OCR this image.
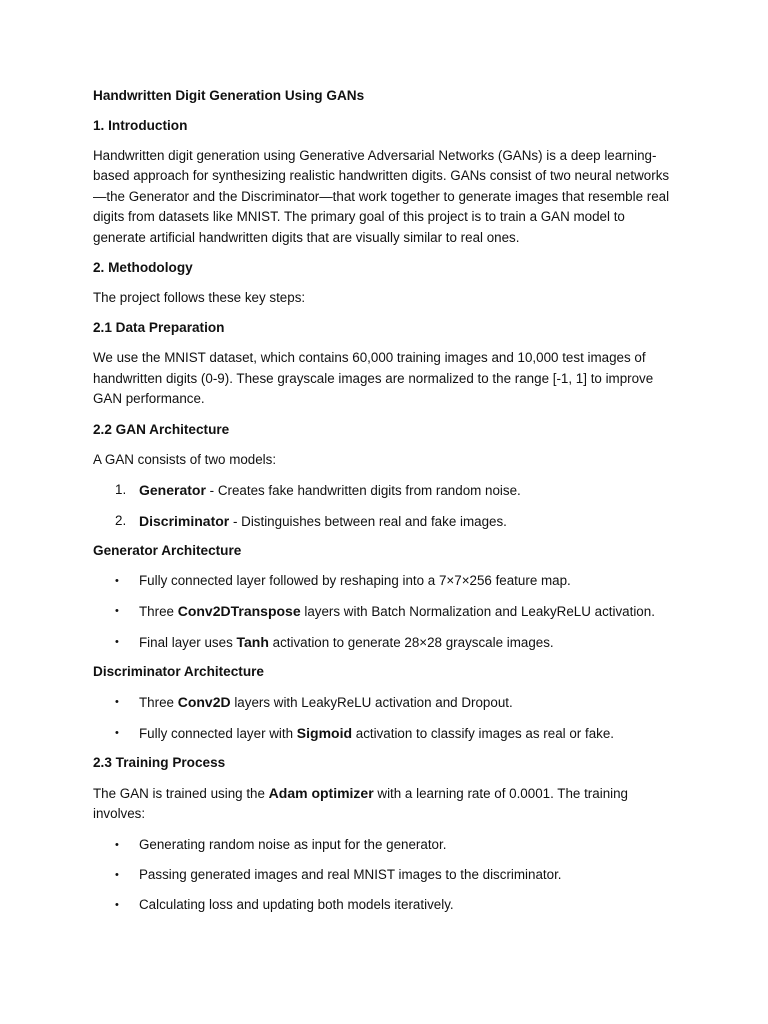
Handwritten Digit Generation Using GANs
1. Introduction

Handwritten digit generation using Generative Adversarial Networks (GANs) is a deep learning-based approach for synthesizing realistic handwritten digits. GANs consist of two neural networks—the Generator and the Discriminator—that work together to generate images that resemble real digits from datasets like MNIST. The primary goal of this project is to train a GAN model to generate artificial handwritten digits that are visually similar to real ones.

2. Methodology

The project follows these key steps:

2.1 Data Preparation

We use the MNIST dataset, which contains 60,000 training images and 10,000 test images of handwritten digits (0-9). These grayscale images are normalized to the range [-1, 1] to improve GAN performance.

2.2 GAN Architecture

A GAN consists of two models:

1. Generator - Creates fake handwritten digits from random noise.
2. Discriminator - Distinguishes between real and fake images.
Generator Architecture
•	Fully connected layer followed by reshaping into a 7×7×256 feature map.
•	Three Conv2DTranspose layers with Batch Normalization and LeakyReLU activation.
•	Final layer uses Tanh activation to generate 28×28 grayscale images.
Discriminator Architecture
•	Three Conv2D layers with LeakyReLU activation and Dropout.
•	Fully connected layer with Sigmoid activation to classify images as real or fake.
2.3 Training Process

The GAN is trained using the Adam optimizer with a learning rate of 0.0001. The training involves:

•	Generating random noise as input for the generator.
•	Passing generated images and real MNIST images to the discriminator.
•	Calculating loss and updating both models iteratively.
